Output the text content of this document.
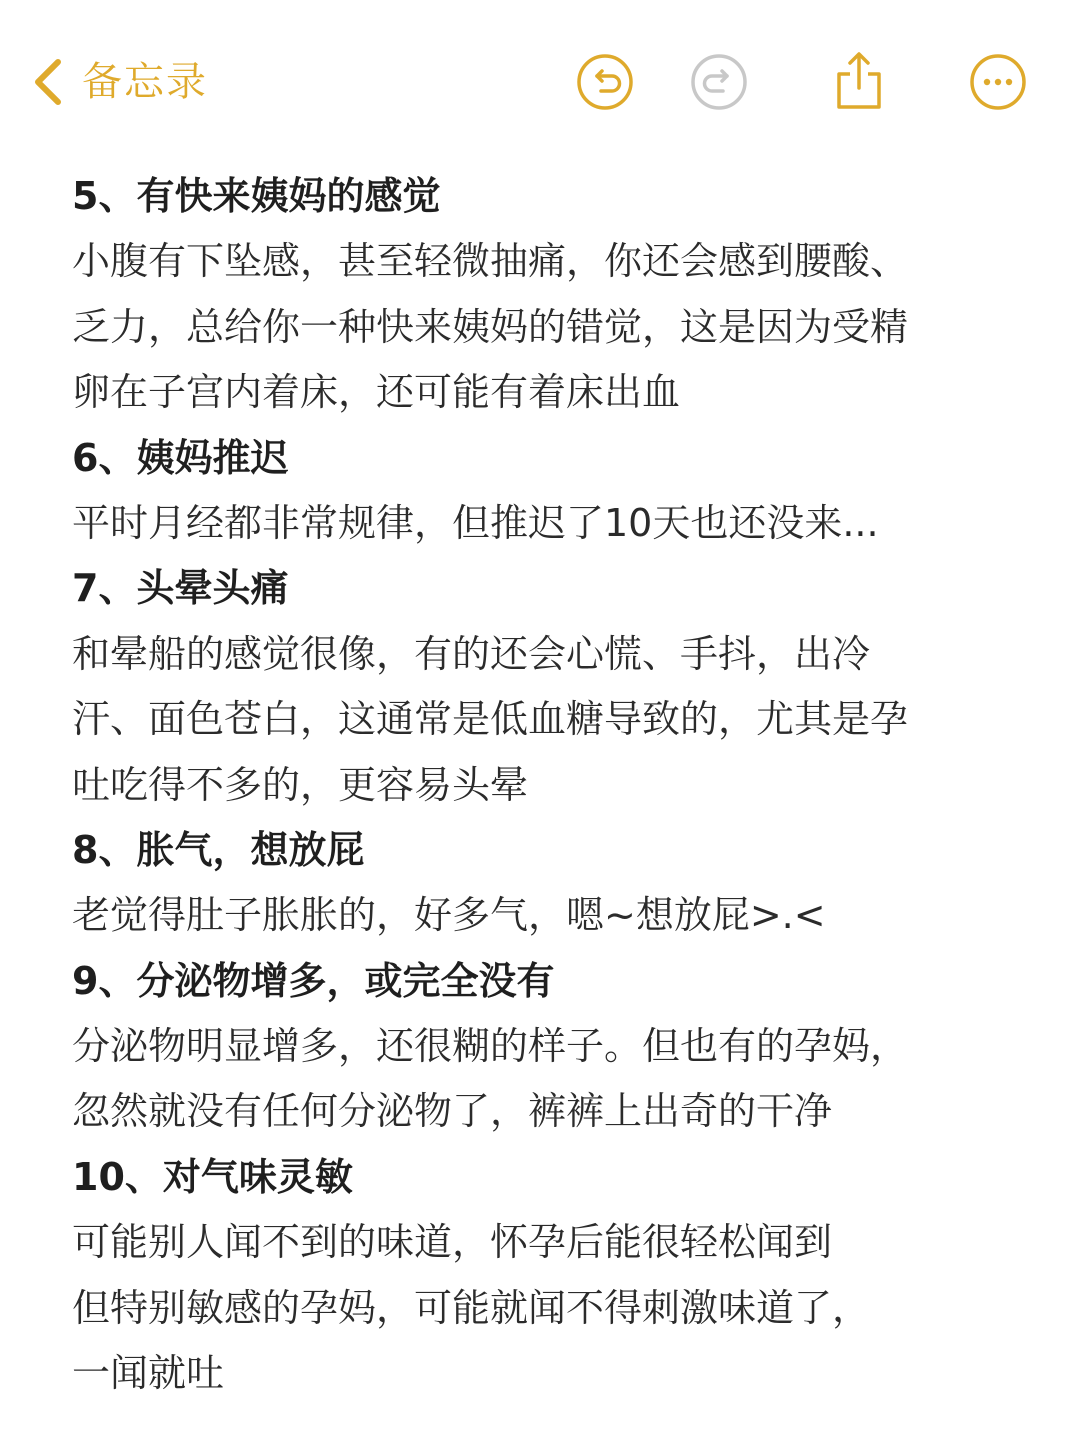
备忘录
5、有快来姨妈的感觉
小腹有下坠感，甚至轻微抽痛，你还会感到腰酸、
乏力，总给你一种快来姨妈的错觉，这是因为受精
卵在子宫内着床，还可能有着床出血
6、姨妈推迟
平时月经都非常规律，但推迟了10天也还没来...
7、头晕头痛
和晕船的感觉很像，有的还会心慌、手抖，出冷
汗、面色苍白，这通常是低血糖导致的，尤其是孕
吐吃得不多的，更容易头晕
8、胀气，想放屁
老觉得肚子胀胀的，好多气，嗯~想放屁>.<
9、分泌物增多，或完全没有
分泌物明显增多，还很糊的样子。但也有的孕妈，
忽然就没有任何分泌物了，裤裤上出奇的干净
10、对气味灵敏
可能别人闻不到的味道，怀孕后能很轻松闻到
但特别敏感的孕妈，可能就闻不得刺激味道了，
一闻就吐
